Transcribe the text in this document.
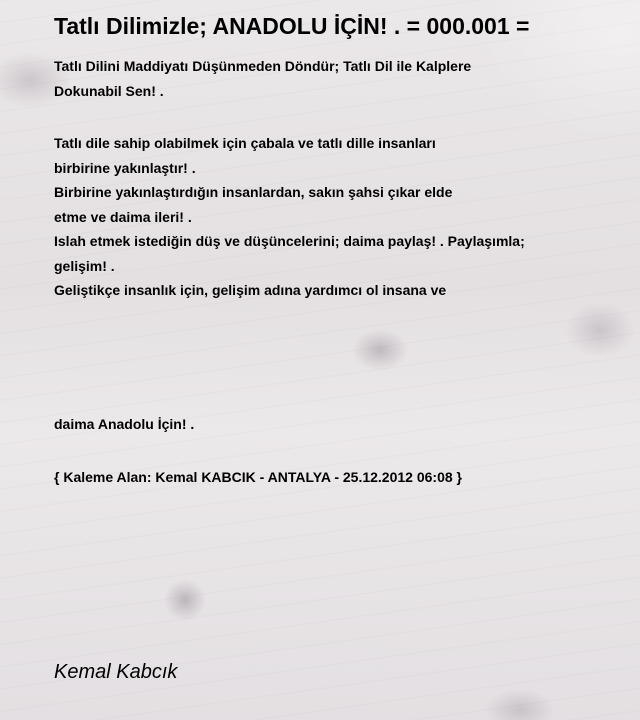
Tatlı Dilimizle; ANADOLU İÇİN! . = 000.001 =

Tatlı Dilini Maddiyatı Düşünmeden Döndür; Tatlı Dil ile Kalplere
Dokunabil Sen! .

Tatlı dile sahip olabilmek için çabala ve tatlı dille insanları
birbirine yakınlaştır! .
Birbirine yakınlaştırdığın insanlardan, sakın şahsi çıkar elde
etme ve daima ileri! .
Islah etmek istediğin düş ve düşüncelerini; daima paylaş! . Paylaşımla;
gelişim! .
Geliştikçe insanlık için, gelişim adına yardımcı ol insana ve

daima Anadolu İçin! .

{ Kaleme Alan: Kemal KABCIK - ANTALYA - 25.12.2012 06:08 }

Kemal Kabcık
